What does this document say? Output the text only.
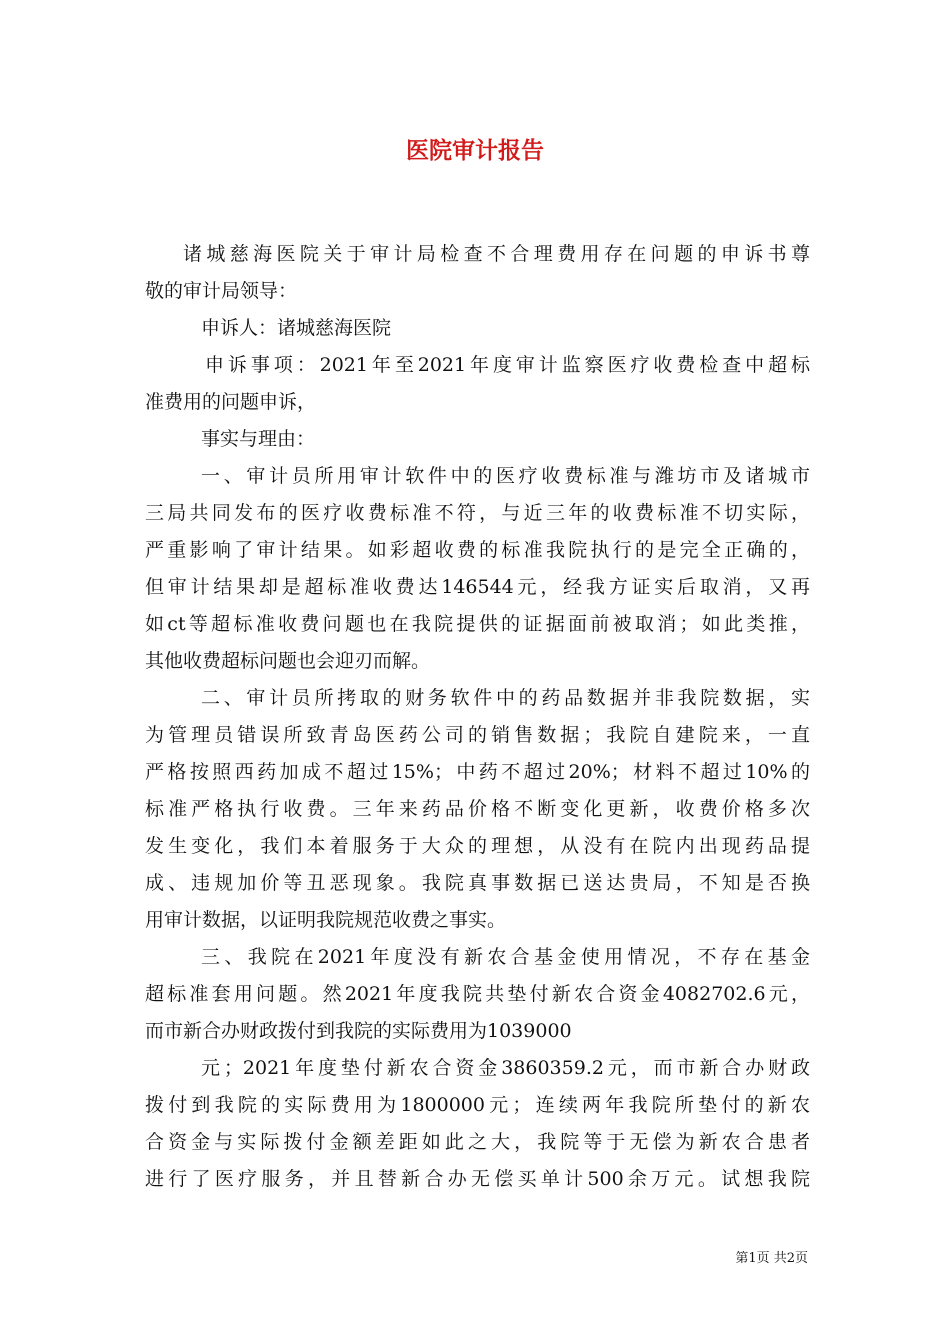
医院审计报告
诸城慈海医院关于审计局检查不合理费用存在问题的申诉书尊
敬的审计局领导：
申诉人：诸城慈海医院
申诉事项：2021年至2021年度审计监察医疗收费检查中超标
准费用的问题申诉，
事实与理由：
一、审计员所用审计软件中的医疗收费标准与潍坊市及诸城市
三局共同发布的医疗收费标准不符，与近三年的收费标准不切实际，
严重影响了审计结果。如彩超收费的标准我院执行的是完全正确的，
但审计结果却是超标准收费达146544元，经我方证实后取消，又再
如ct等超标准收费问题也在我院提供的证据面前被取消；如此类推，
其他收费超标问题也会迎刃而解。
二、审计员所拷取的财务软件中的药品数据并非我院数据，实
为管理员错误所致青岛医药公司的销售数据；我院自建院来，一直
严格按照西药加成不超过15%；中药不超过20%；材料不超过10%的
标准严格执行收费。三年来药品价格不断变化更新，收费价格多次
发生变化，我们本着服务于大众的理想，从没有在院内出现药品提
成、违规加价等丑恶现象。我院真事数据已送达贵局，不知是否换
用审计数据，以证明我院规范收费之事实。
三、我院在2021年度没有新农合基金使用情况，不存在基金
超标准套用问题。然2021年度我院共垫付新农合资金4082702.6元，
而市新合办财政拨付到我院的实际费用为1039000
元；2021年度垫付新农合资金3860359.2元，而市新合办财政
拨付到我院的实际费用为1800000元；连续两年我院所垫付的新农
合资金与实际拨付金额差距如此之大，我院等于无偿为新农合患者
进行了医疗服务，并且替新合办无偿买单计500余万元。试想我院
第1页 共2页
